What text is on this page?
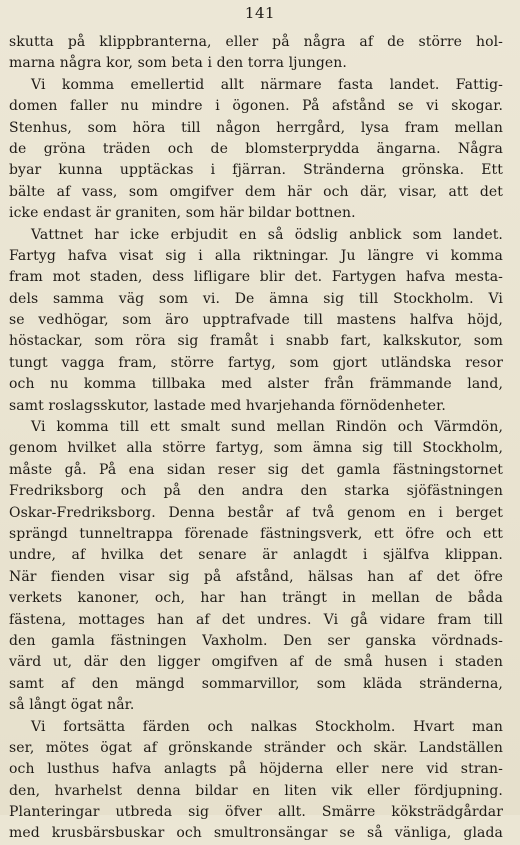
141
skutta på klippbranterna, eller på några af de större hol-
marna några kor, som beta i den torra ljungen.
Vi komma emellertid allt närmare fasta landet. Fattig-
domen faller nu mindre i ögonen. På afstånd se vi skogar.
Stenhus, som höra till någon herrgård, lysa fram mellan
de gröna träden och de blomsterprydda ängarna. Några
byar kunna upptäckas i fjärran. Stränderna grönska. Ett
bälte af vass, som omgifver dem här och där, visar, att det
icke endast är graniten, som här bildar bottnen.
Vattnet har icke erbjudit en så ödslig anblick som landet.
Fartyg hafva visat sig i alla riktningar. Ju längre vi komma
fram mot staden, dess lifligare blir det. Fartygen hafva mesta-
dels samma väg som vi. De ämna sig till Stockholm. Vi
se vedhögar, som äro upptrafvade till mastens halfva höjd,
höstackar, som röra sig framåt i snabb fart, kalkskutor, som
tungt vagga fram, större fartyg, som gjort utländska resor
och nu komma tillbaka med alster från främmande land,
samt roslagsskutor, lastade med hvarjehanda förnödenheter.
Vi komma till ett smalt sund mellan Rindön och Värmdön,
genom hvilket alla större fartyg, som ämna sig till Stockholm,
måste gå. På ena sidan reser sig det gamla fästningstornet
Fredriksborg och på den andra den starka sjöfästningen
Oskar-Fredriksborg. Denna består af två genom en i berget
sprängd tunneltrappa förenade fästningsverk, ett öfre och ett
undre, af hvilka det senare är anlagdt i själfva klippan.
När fienden visar sig på afstånd, hälsas han af det öfre
verkets kanoner, och, har han trängt in mellan de båda
fästena, mottages han af det undres. Vi gå vidare fram till
den gamla fästningen Vaxholm. Den ser ganska vördnads-
värd ut, där den ligger omgifven af de små husen i staden
samt af den mängd sommarvillor, som kläda stränderna,
så långt ögat når.
Vi fortsätta färden och nalkas Stockholm. Hvart man
ser, mötes ögat af grönskande stränder och skär. Landställen
och lusthus hafva anlagts på höjderna eller nere vid stran-
den, hvarhelst denna bildar en liten vik eller fördjupning.
Planteringar utbreda sig öfver allt. Smärre köksträdgårdar
med krusbärsbuskar och smultronsängar se så vänliga, glada
